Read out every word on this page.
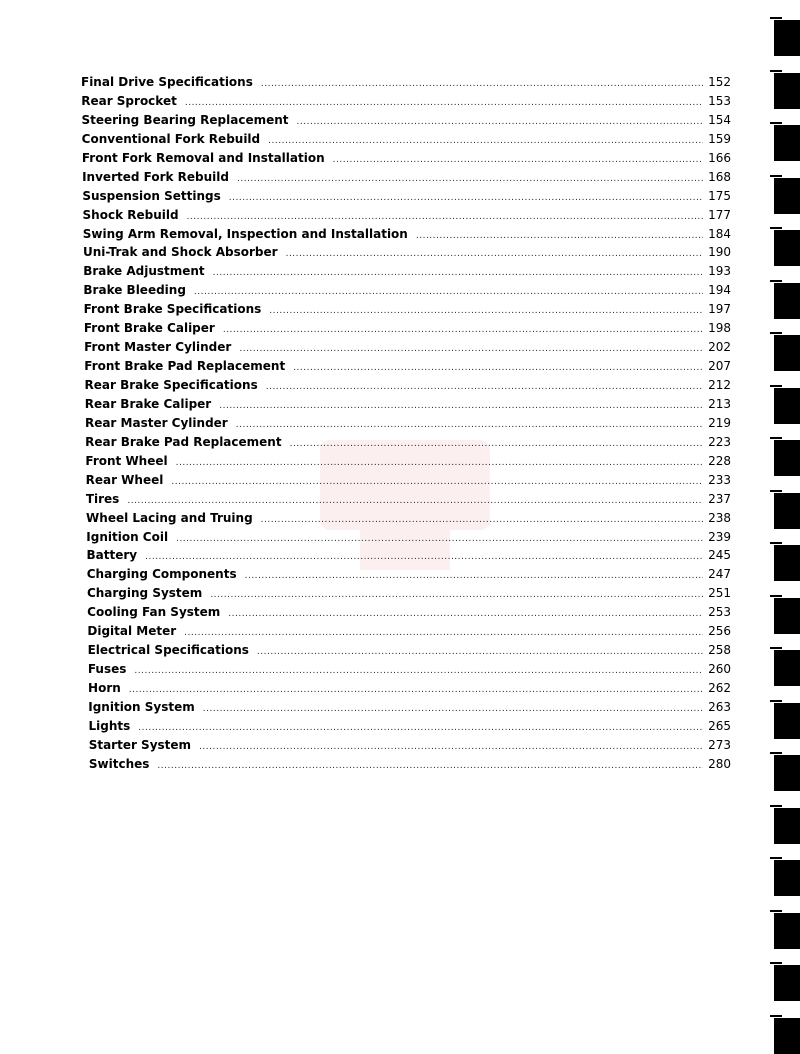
Final Drive Specifications .....	152
Rear Sprocket .....	153
Steering Bearing Replacement .....	154
Conventional Fork Rebuild .....	159
Front Fork Removal and Installation .....	166
Inverted Fork Rebuild .....	168
Suspension Settings .....	175
Shock Rebuild .....	177
Swing Arm Removal, Inspection and Installation .....	184
Uni-Trak and Shock Absorber .....	190
Brake Adjustment .....	193
Brake Bleeding .....	194
Front Brake Specifications .....	197
Front Brake Caliper .....	198
Front Master Cylinder .....	202
Front Brake Pad Replacement .....	207
Rear Brake Specifications .....	212
Rear Brake Caliper .....	213
Rear Master Cylinder .....	219
Rear Brake Pad Replacement .....	223
Front Wheel .....	228
Rear Wheel .....	233
Tires .....	237
Wheel Lacing and Truing .....	238
Ignition Coil .....	239
Battery .....	245
Charging Components .....	247
Charging System .....	251
Cooling Fan System .....	253
Digital Meter .....	256
Electrical Specifications .....	258
Fuses .....	260
Horn .....	262
Ignition System .....	263
Lights .....	265
Starter System .....	273
Switches .....	280
